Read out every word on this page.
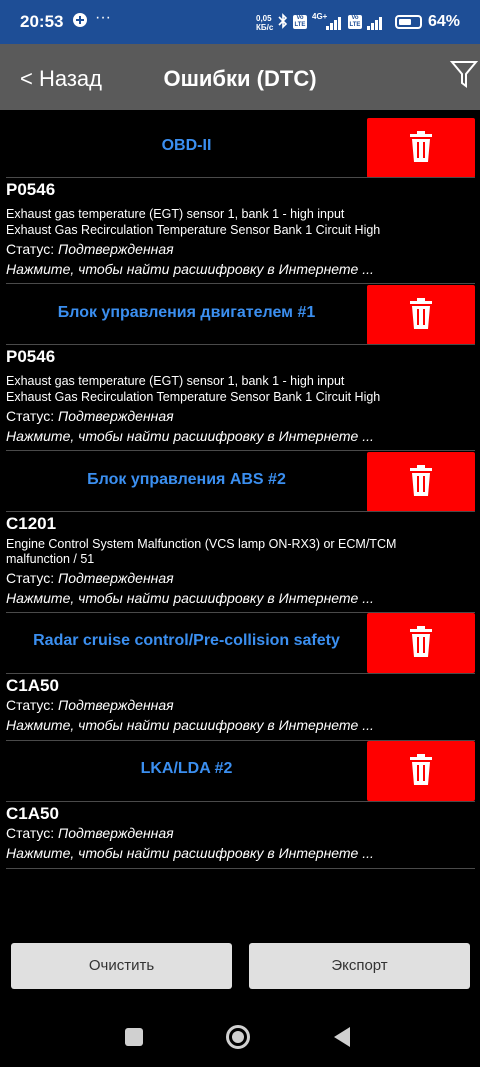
20:53 ···	0,05
КБ/с
Vo
LTE
4G+	Vo
LTE	64%
< Назад	Ошибки (DTC)
OBD-II
P0546
Exhaust gas temperature (EGT) sensor 1, bank 1 - high input
Exhaust Gas Recirculation Temperature Sensor Bank 1 Circuit High
Статус: Подтвержденная
Нажмите, чтобы найти расшифровку в Интернете ...
Блок управления двигателем #1
P0546
Exhaust gas temperature (EGT) sensor 1, bank 1 - high input
Exhaust Gas Recirculation Temperature Sensor Bank 1 Circuit High
Статус: Подтвержденная
Нажмите, чтобы найти расшифровку в Интернете ...
Блок управления ABS #2
C1201
Engine Control System Malfunction (VCS lamp ON-RX3) or ECM/TCM
malfunction / 51
Статус: Подтвержденная
Нажмите, чтобы найти расшифровку в Интернете ...
Radar cruise control/Pre-collision safety
C1A50
Статус: Подтвержденная
Нажмите, чтобы найти расшифровку в Интернете ...
LKA/LDA #2
C1A50
Статус: Подтвержденная
Нажмите, чтобы найти расшифровку в Интернете ...
Очистить	Экспорт
